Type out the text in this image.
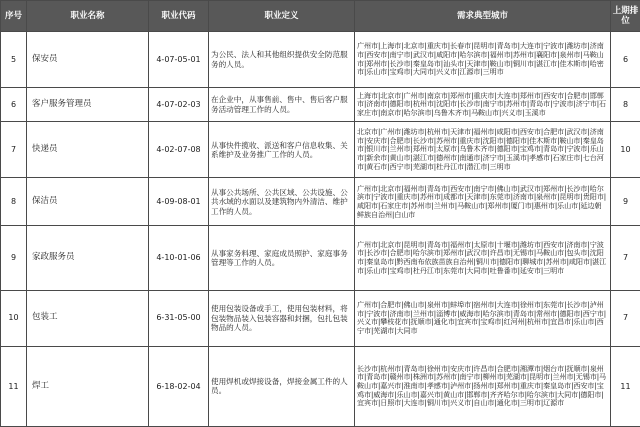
序号	职业名称	职业代码	职业定义	需求典型城市	上期排位
5	保安员	4-07-05-01	为公民、法人和其他组织提供安全防范服务的人员。	广州市|上海市|北京市|重庆市|长春市|昆明市|青岛市|大连市|宁波市|潍坊市|济南市|西安市|南宁市|武汉市|咸阳市|哈尔滨市|福州市|苏州市|襄阳市|泉州市|马鞍山市|郑州市|长沙市|秦皇岛市|汕头市|天津市|鞍山市|铜川市|湛江市|佳木斯市|哈密市|乐山市|宝鸡市|大同市|兴义市|江源市|三明市	6
6	客户服务管理员	4-07-02-03	在企业中，从事售前、售中、售后客户服务活动管理工作的人员。	上海市|北京市|广州市|南京市|郑州市|重庆市|大连市|郑州市|西安市|合肥市|邯郸市|济南市|德阳市|杭州市|沈阳市|长沙市|南宁市|苏州市|青岛市|宁波市|济宁市|石家庄市|南京市|哈尔滨市|乌鲁木齐市|马鞍山市|兴义市|玉溪市	8
7	快递员	4-02-07-08	从事快件揽收、派送和客户信息收集、关系维护及业务推广工作的人员。	北京市|广州市|潍坊市|杭州市|天津市|福州市|咸阳市|西安市|合肥市|武汉市|济南市|安庆市|合肥市|长沙市|苏州市|重庆市|沈阳市|德阳市|佳木斯市|鞍山市|秦皇岛市|银川市|兰州市|郑州市|太原市|乌鲁木齐市|德阳市|宝鸡市|青岛市|宁波市|乐山市|新余市|黄山市|湛江市|德州市|南通市|济宁市|玉溪市|孝感市|石家庄市|七台河市|黄石市|西宁市|芜湖市|杜丹江市|潜江市|三明市	10
8	保洁员	4-09-08-01	从事公共场所、公共区域、公共设施、公共水域的水面以及建筑物内外清洁、维护工作的人员。	广州市|北京市|福州市|青岛市|西安市|南宁市|佛山市|武汉市|郑州市|长沙市|哈尔滨市|宁波市|重庆市|苏州市|成都市|天津市|东莞市|济南市|泉州市|昆明市|贵阳市|咸阳市|石家庄市|苏州市|兰州市|马鞍山市|郑州市|厦门市|惠州市|乐山市|延边朝鲜族自治州|白山市	9
9	家政服务员	4-10-01-06	从事家务料理、家庭成员照护、家庭事务管理等工作的人员。	广州市|北京市|昆明市|青岛市|福州市|太原市|十堰市|潍坊市|西安市|济南市|宁波市|长沙市|合肥市|哈尔滨市|郑州市|武汉市|许昌市|无锡市|马鞍山市|包头市|沈阳市|秦皇岛市|黔西南布依族苗族自治州|铜川市|德阳市|聊城市|苏州市|咸阳市|湛江市|乐山市|宝鸡市|杜丹江市|东莞市|大同市|吐鲁番市|延安市|三明市	7
10	包装工	6-31-05-00	使用包装设备或手工，使用包装材料，将包装物品装入包装容器和封捆，包扎包装物品的人员。	广州市|合肥市|佛山市|泉州市|蚌埠市|宿州市|大连市|徐州市|东莞市|长沙市|泸州市|宁波市|济南市|兰州市|淄博市|威海市|哈尔滨市|青岛市|常州市|德阳市|西宁市|兴义市|攀枝花市|抚顺市|通化市|宜宾市|宝鸡市|红河州|杭州市|宜昌市|乐山市|西宁市|芜湖市|大同市	7
11	焊工	6-18-02-04	使用焊机或焊接设备，焊接金属工件的人员。	长沙市|杭州市|青岛市|徐州市|安庆市|许昌市|合肥市|湘潭市|烟台市|抚顺市|泉州市|青岛市|赣州市|株洲市|苏州市|南宁市|柳州市|芜湖市|昆明市|兰州市|无锡市|马鞍山市|嘉兴市|淮南市|孝感市|泸州市|扬州市|郑州市|重庆市|秦皇岛市|西安市|宝鸡市|威海市|乐山市|嘉兴市|黄山市|邯郸市|齐齐哈尔市|哈尔滨市|大同市|德阳市|宜宾市|日照市|大连市|铜川市|兴义市|自山市|通化市|三明市|辽源市	11
